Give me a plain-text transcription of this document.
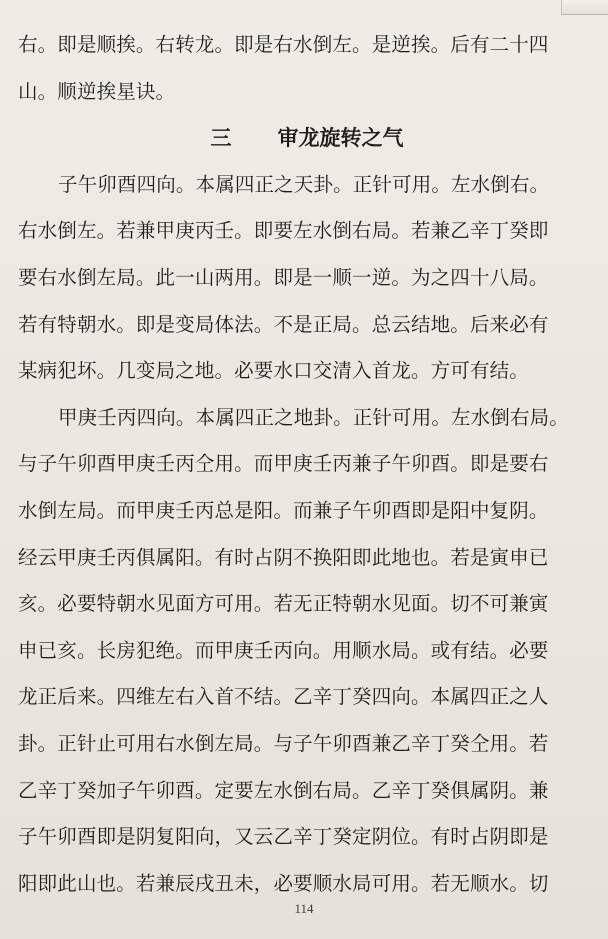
右。即是顺挨。右转龙。即是右水倒左。是逆挨。后有二十四
山。顺逆挨星诀。
三 审龙旋转之气
子午卯酉四向。本属四正之天卦。正针可用。左水倒右。
右水倒左。若兼甲庚丙壬。即要左水倒右局。若兼乙辛丁癸即
要右水倒左局。此一山两用。即是一顺一逆。为之四十八局。
若有特朝水。即是变局体法。不是正局。总云结地。后来必有
某病犯坏。几变局之地。必要水口交清入首龙。方可有结。
甲庚壬丙四向。本属四正之地卦。正针可用。左水倒右局。
与子午卯酉甲庚壬丙仝用。而甲庚壬丙兼子午卯酉。即是要右
水倒左局。而甲庚壬丙总是阳。而兼子午卯酉即是阳中复阴。
经云甲庚壬丙俱属阳。有时占阴不换阳即此地也。若是寅申已
亥。必要特朝水见面方可用。若无正特朝水见面。切不可兼寅
申已亥。长房犯绝。而甲庚壬丙向。用顺水局。或有结。必要
龙正后来。四维左右入首不结。乙辛丁癸四向。本属四正之人
卦。正针止可用右水倒左局。与子午卯酉兼乙辛丁癸仝用。若
乙辛丁癸加子午卯酉。定要左水倒右局。乙辛丁癸俱属阴。兼
子午卯酉即是阴复阳向，又云乙辛丁癸定阴位。有时占阴即是
阳即此山也。若兼辰戌丑未，必要顺水局可用。若无顺水。切
114
